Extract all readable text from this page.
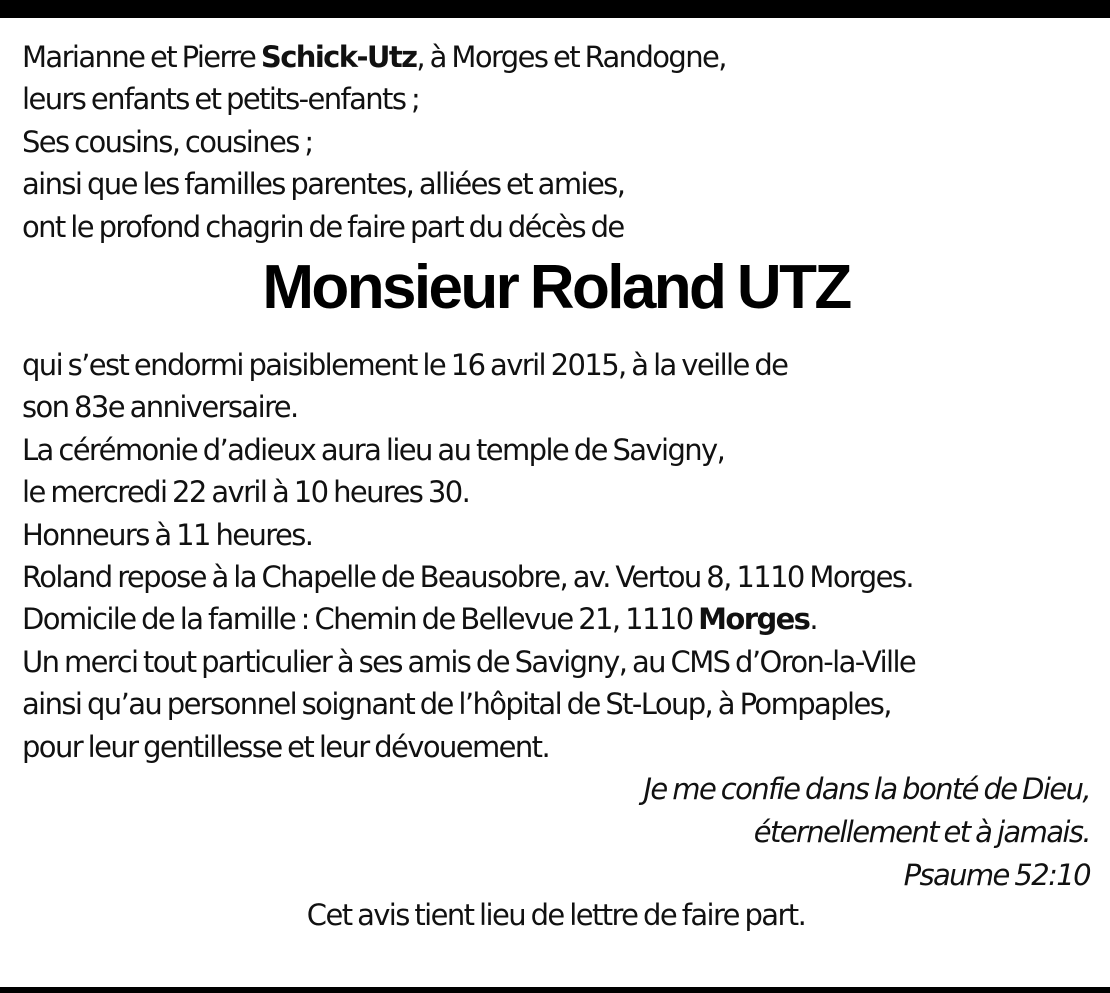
Marianne et Pierre Schick-Utz, à Morges et Randogne,
leurs enfants et petits-enfants ;
Ses cousins, cousines ;
ainsi que les familles parentes, alliées et amies,
ont le profond chagrin de faire part du décès de

Monsieur Roland UTZ

qui s’est endormi paisiblement le 16 avril 2015, à la veille de
son 83e anniversaire.
La cérémonie d’adieux aura lieu au temple de Savigny,
le mercredi 22 avril à 10 heures 30.
Honneurs à 11 heures.
Roland repose à la Chapelle de Beausobre, av. Vertou 8, 1110 Morges.
Domicile de la famille : Chemin de Bellevue 21, 1110 Morges.
Un merci tout particulier à ses amis de Savigny, au CMS d’Oron-la-Ville
ainsi qu’au personnel soignant de l’hôpital de St-Loup, à Pompaples,
pour leur gentillesse et leur dévouement.

Je me confie dans la bonté de Dieu,
éternellement et à jamais.
Psaume 52:10

Cet avis tient lieu de lettre de faire part.
